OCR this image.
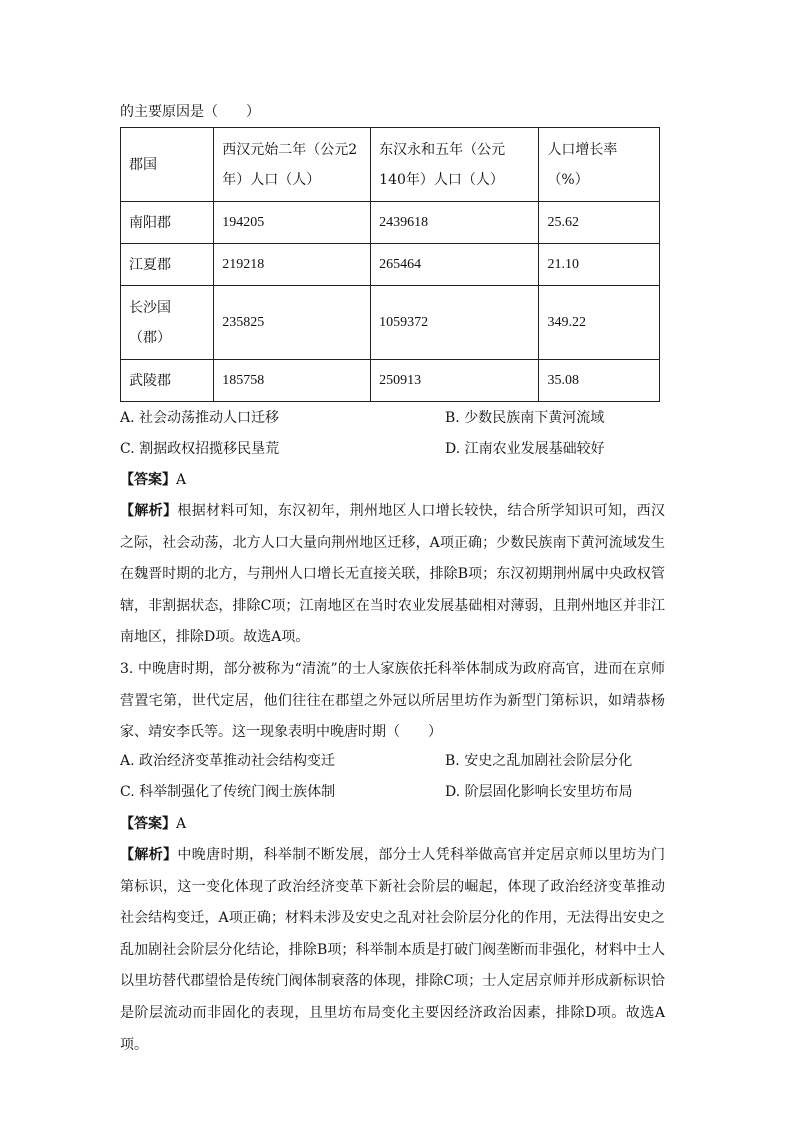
的主要原因是（　　）
郡国	西汉元始二年（公元2年）人口（人）	东汉永和五年（公元140年）人口（人）	人口增长率（%）
南阳郡	194205	2439618	25.62
江夏郡	219218	265464	21.10
长沙国（郡）	235825	1059372	349.22
武陵郡	185758	250913	35.08
A. 社会动荡推动人口迁移	B. 少数民族南下黄河流域
C. 割据政权招揽移民垦荒	D. 江南农业发展基础较好
【答案】A
【解析】根据材料可知，东汉初年，荆州地区人口增长较快，结合所学知识可知，西汉之际，社会动荡，北方人口大量向荆州地区迁移，A项正确；少数民族南下黄河流域发生在魏晋时期的北方，与荆州人口增长无直接关联，排除B项；东汉初期荆州属中央政权管辖，非割据状态，排除C项；江南地区在当时农业发展基础相对薄弱，且荆州地区并非江南地区，排除D项。故选A项。
3. 中晚唐时期，部分被称为“清流”的士人家族依托科举体制成为政府高官，进而在京师营置宅第，世代定居，他们往往在郡望之外冠以所居里坊作为新型门第标识，如靖恭杨家、靖安李氏等。这一现象表明中晚唐时期（　　）
A. 政治经济变革推动社会结构变迁	B. 安史之乱加剧社会阶层分化
C. 科举制强化了传统门阀士族体制	D. 阶层固化影响长安里坊布局
【答案】A
【解析】中晚唐时期，科举制不断发展，部分士人凭科举做高官并定居京师以里坊为门第标识，这一变化体现了政治经济变革下新社会阶层的崛起，体现了政治经济变革推动社会结构变迁，A项正确；材料未涉及安史之乱对社会阶层分化的作用，无法得出安史之乱加剧社会阶层分化结论，排除B项；科举制本质是打破门阀垄断而非强化，材料中士人以里坊替代郡望恰是传统门阀体制衰落的体现，排除C项；士人定居京师并形成新标识恰是阶层流动而非固化的表现，且里坊布局变化主要因经济政治因素，排除D项。故选A项。
